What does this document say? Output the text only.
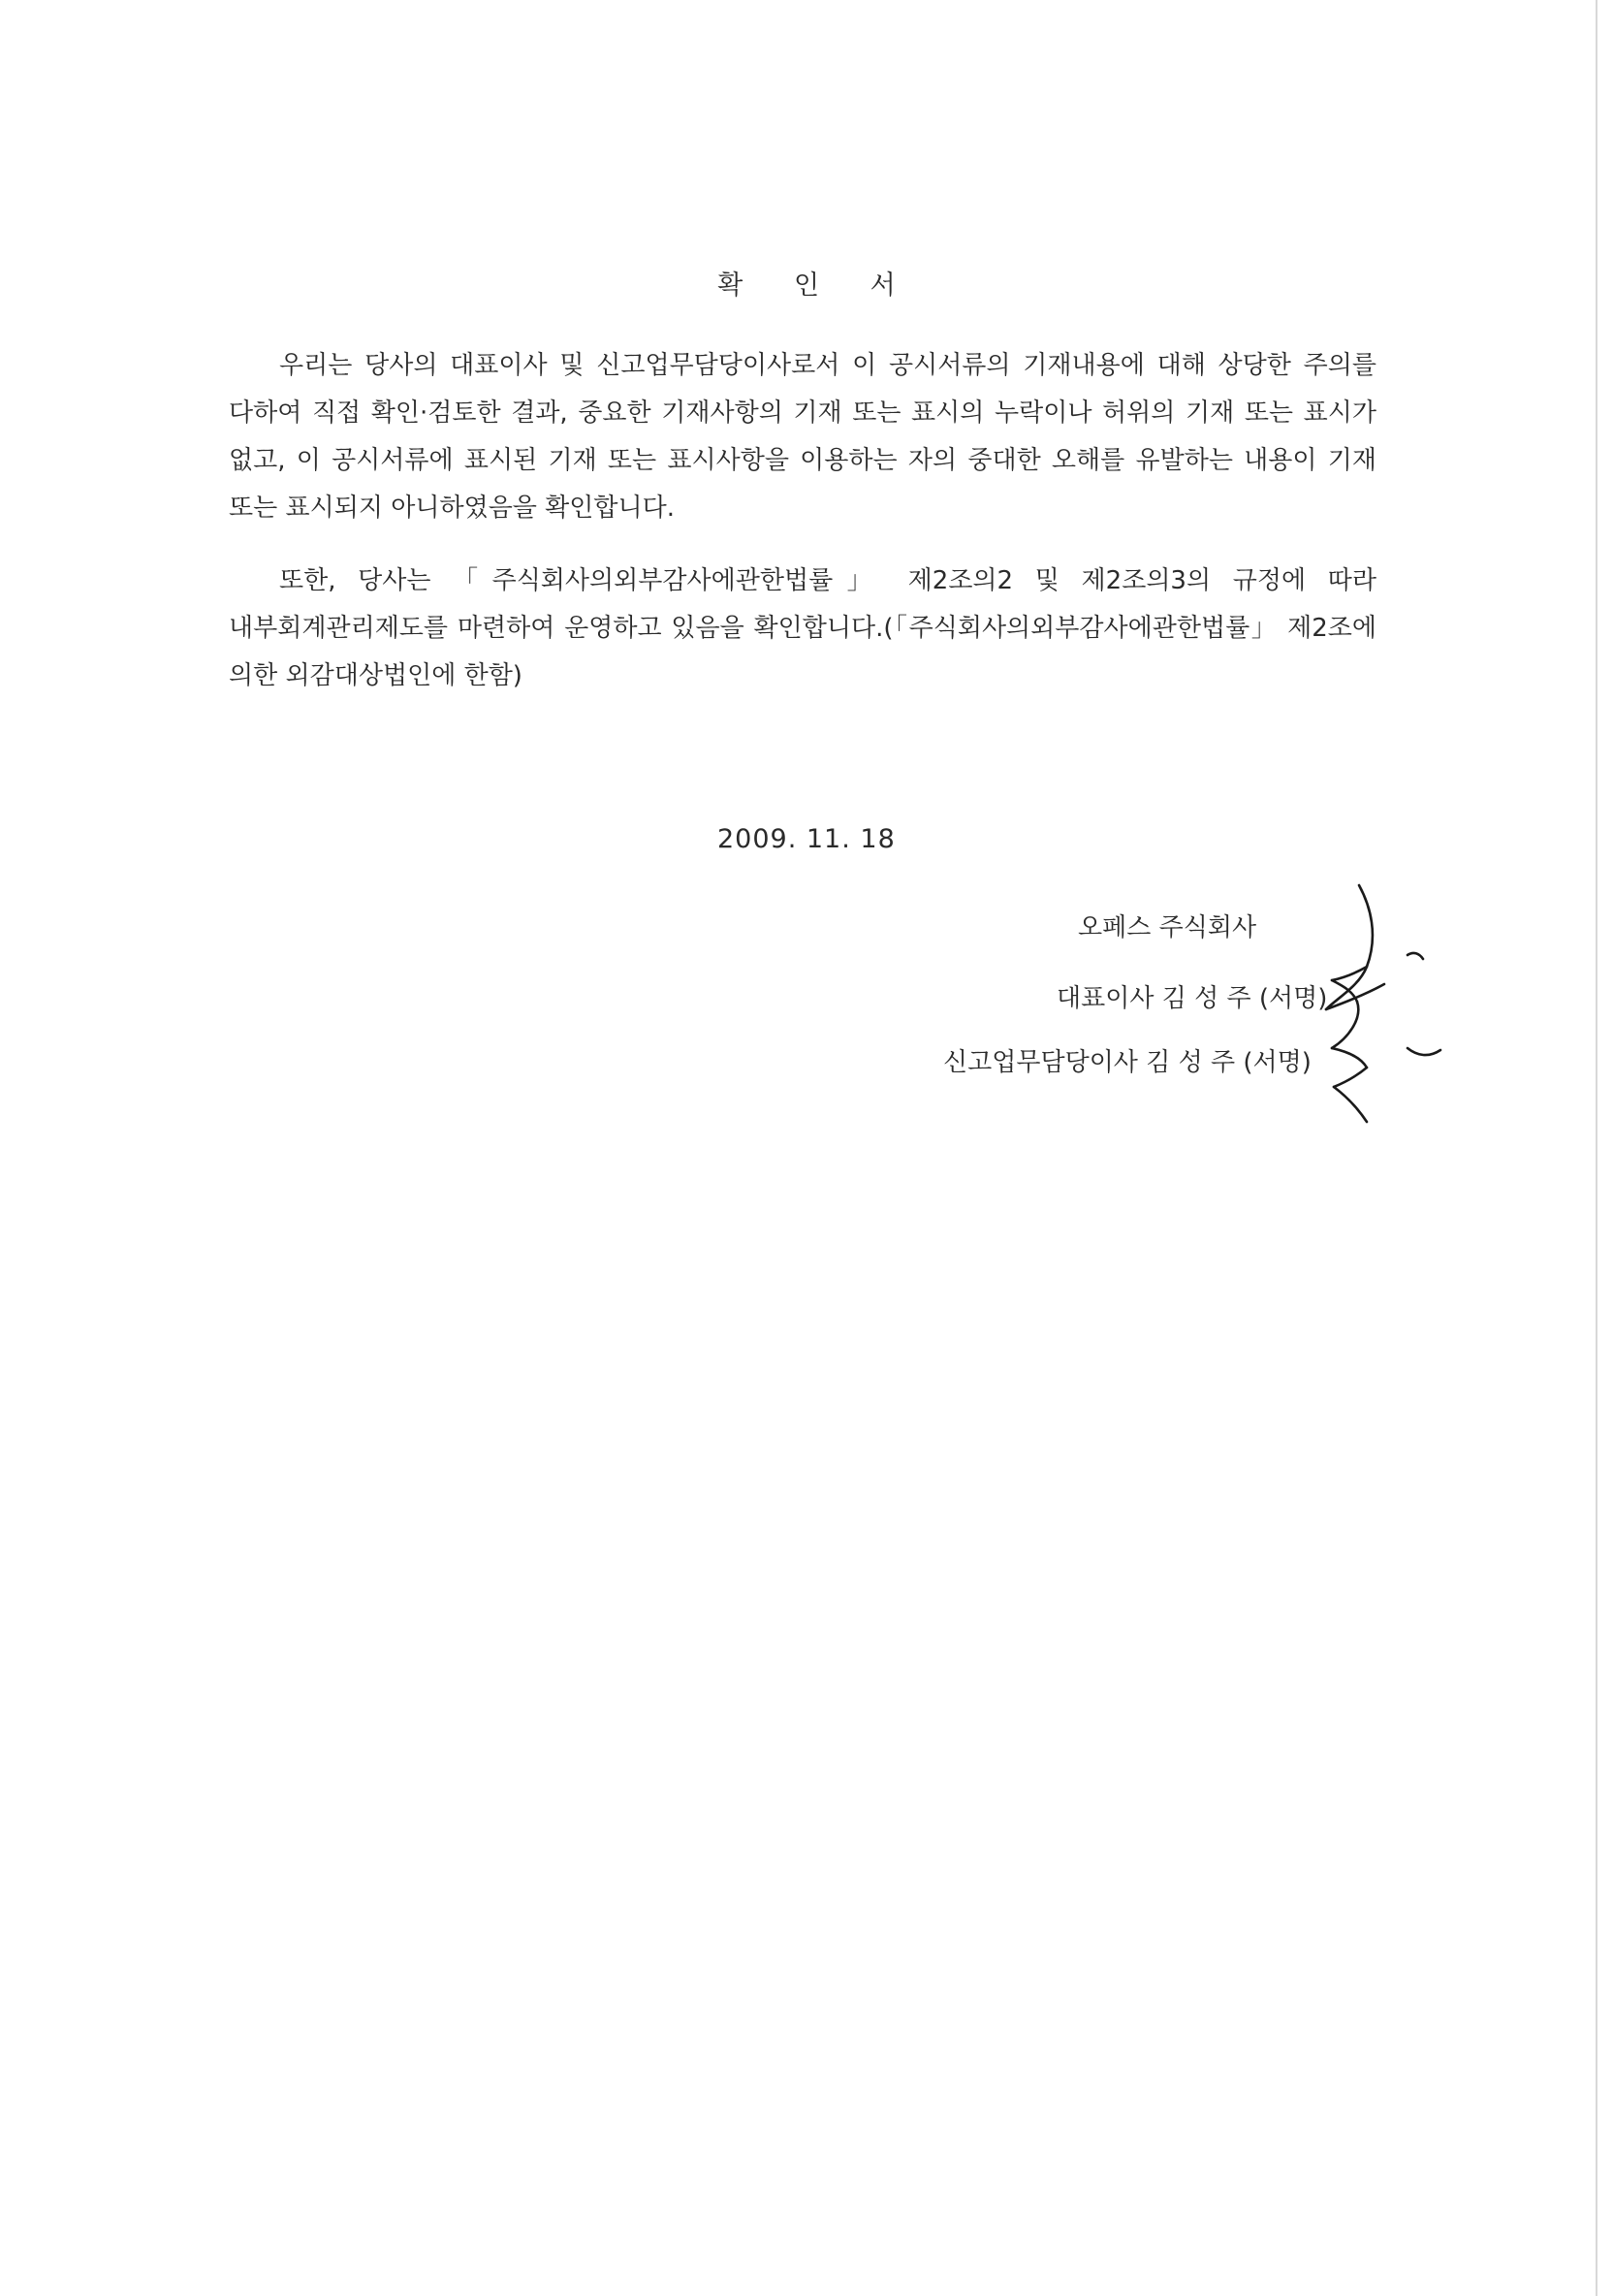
확 인 서

우리는 당사의 대표이사 및 신고업무담당이사로서 이 공시서류의 기재내용에 대해 상당한 주의를 다하여 직접 확인·검토한 결과, 중요한 기재사항의 기재 또는 표시의 누락이나 허위의 기재 또는 표시가 없고, 이 공시서류에 표시된 기재 또는 표시사항을 이용하는 자의 중대한 오해를 유발하는 내용이 기재 또는 표시되지 아니하였음을 확인합니다.

또한, 당사는 「주식회사의외부감사에관한법률」 제2조의2 및 제2조의3의 규정에 따라 내부회계관리제도를 마련하여 운영하고 있음을 확인합니다.(「주식회사의외부감사에관한법률」 제2조에 의한 외감대상법인에 한함)

2009. 11. 18
오페스 주식회사
대표이사 김 성 주 (서명)
신고업무담당이사 김 성 주 (서명)
